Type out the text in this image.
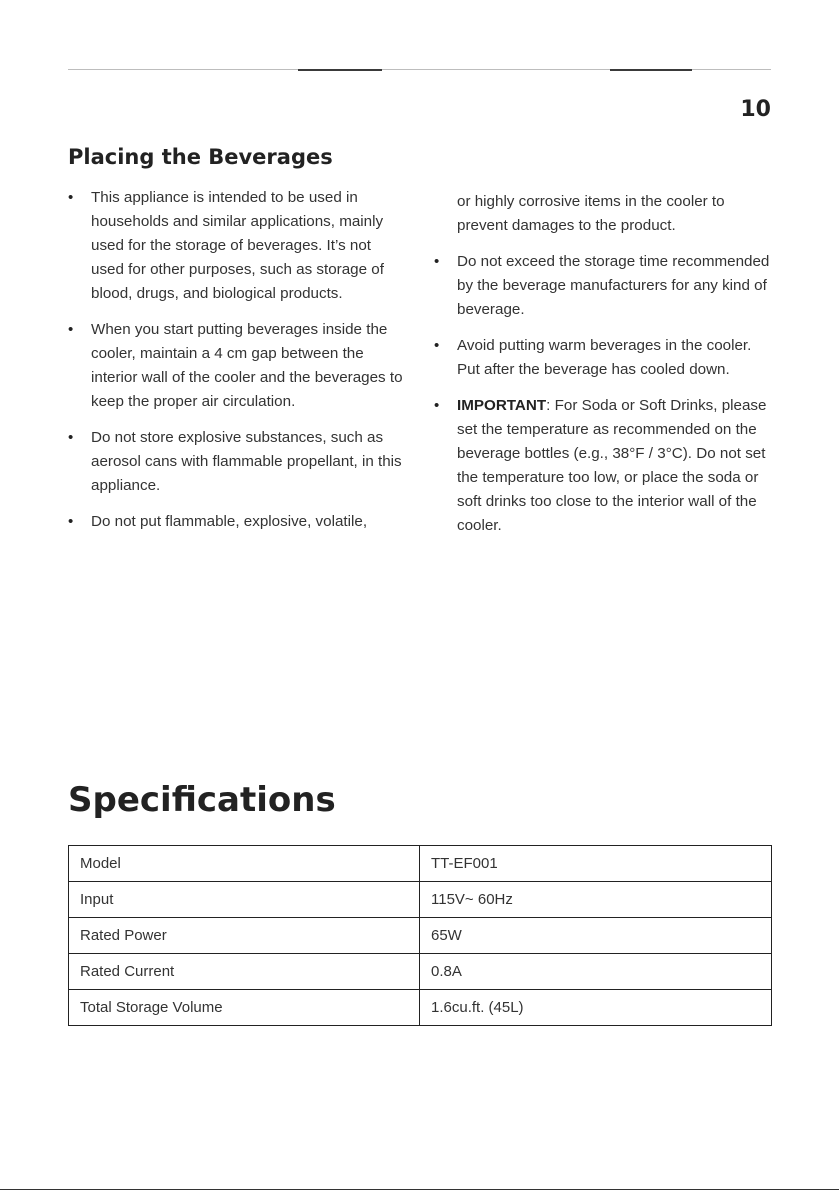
10
Placing the Beverages

• This appliance is intended to be used in households and similar applications, mainly used for the storage of beverages. It’s not used for other purposes, such as storage of blood, drugs, and biological products.

• When you start putting beverages inside the cooler, maintain a 4 cm gap between the interior wall of the cooler and the beverages to keep the proper air circulation.

• Do not store explosive substances, such as aerosol cans with flammable propellant, in this appliance.

• Do not put flammable, explosive, volatile,

or highly corrosive items in the cooler to prevent damages to the product.

• Do not exceed the storage time recommended by the beverage manufacturers for any kind of beverage.

• Avoid putting warm beverages in the cooler. Put after the beverage has cooled down.

• IMPORTANT: For Soda or Soft Drinks, please set the temperature as recommended on the beverage bottles (e.g., 38°F / 3°C). Do not set the temperature too low, or place the soda or soft drinks too close to the interior wall of the cooler.

Specifications
Model	TT-EF001
Input	115V~ 60Hz
Rated Power	65W
Rated Current	0.8A
Total Storage Volume	1.6cu.ft. (45L)
